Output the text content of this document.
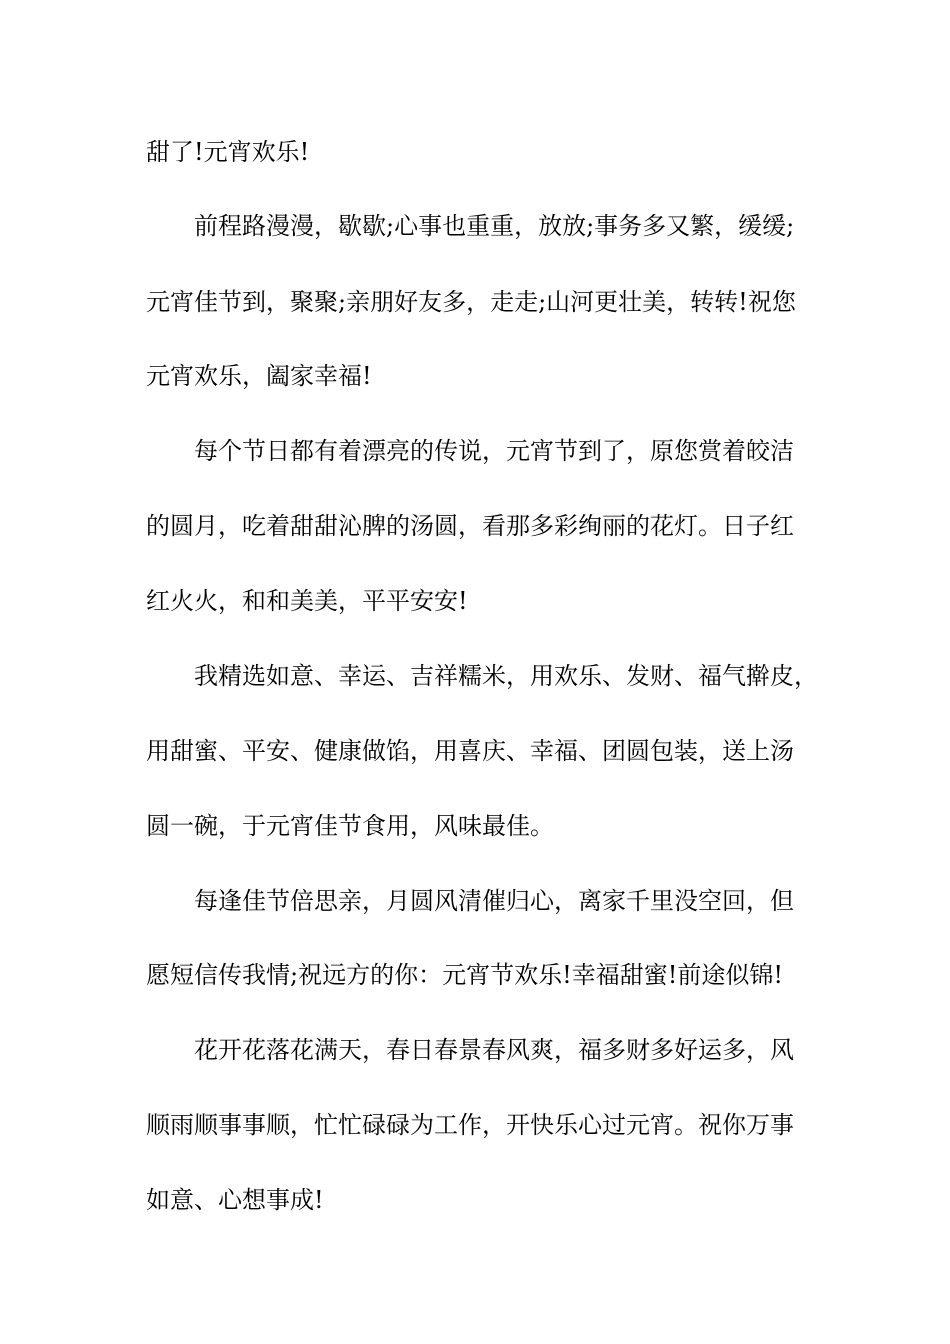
甜了!元宵欢乐!

前程路漫漫，歇歇;心事也重重，放放;事务多又繁，缓缓;

元宵佳节到，聚聚;亲朋好友多，走走;山河更壮美，转转!祝您

元宵欢乐，阖家幸福!

每个节日都有着漂亮的传说，元宵节到了，原您赏着皎洁

的圆月，吃着甜甜沁脾的汤圆，看那多彩绚丽的花灯。日子红

红火火，和和美美，平平安安!

我精选如意、幸运、吉祥糯米，用欢乐、发财、福气擀皮，

用甜蜜、平安、健康做馅，用喜庆、幸福、团圆包装，送上汤

圆一碗，于元宵佳节食用，风味最佳。

每逢佳节倍思亲，月圆风清催归心，离家千里没空回，但

愿短信传我情;祝远方的你：元宵节欢乐!幸福甜蜜!前途似锦!

花开花落花满天，春日春景春风爽，福多财多好运多，风

顺雨顺事事顺，忙忙碌碌为工作，开快乐心过元宵。祝你万事

如意、心想事成!
